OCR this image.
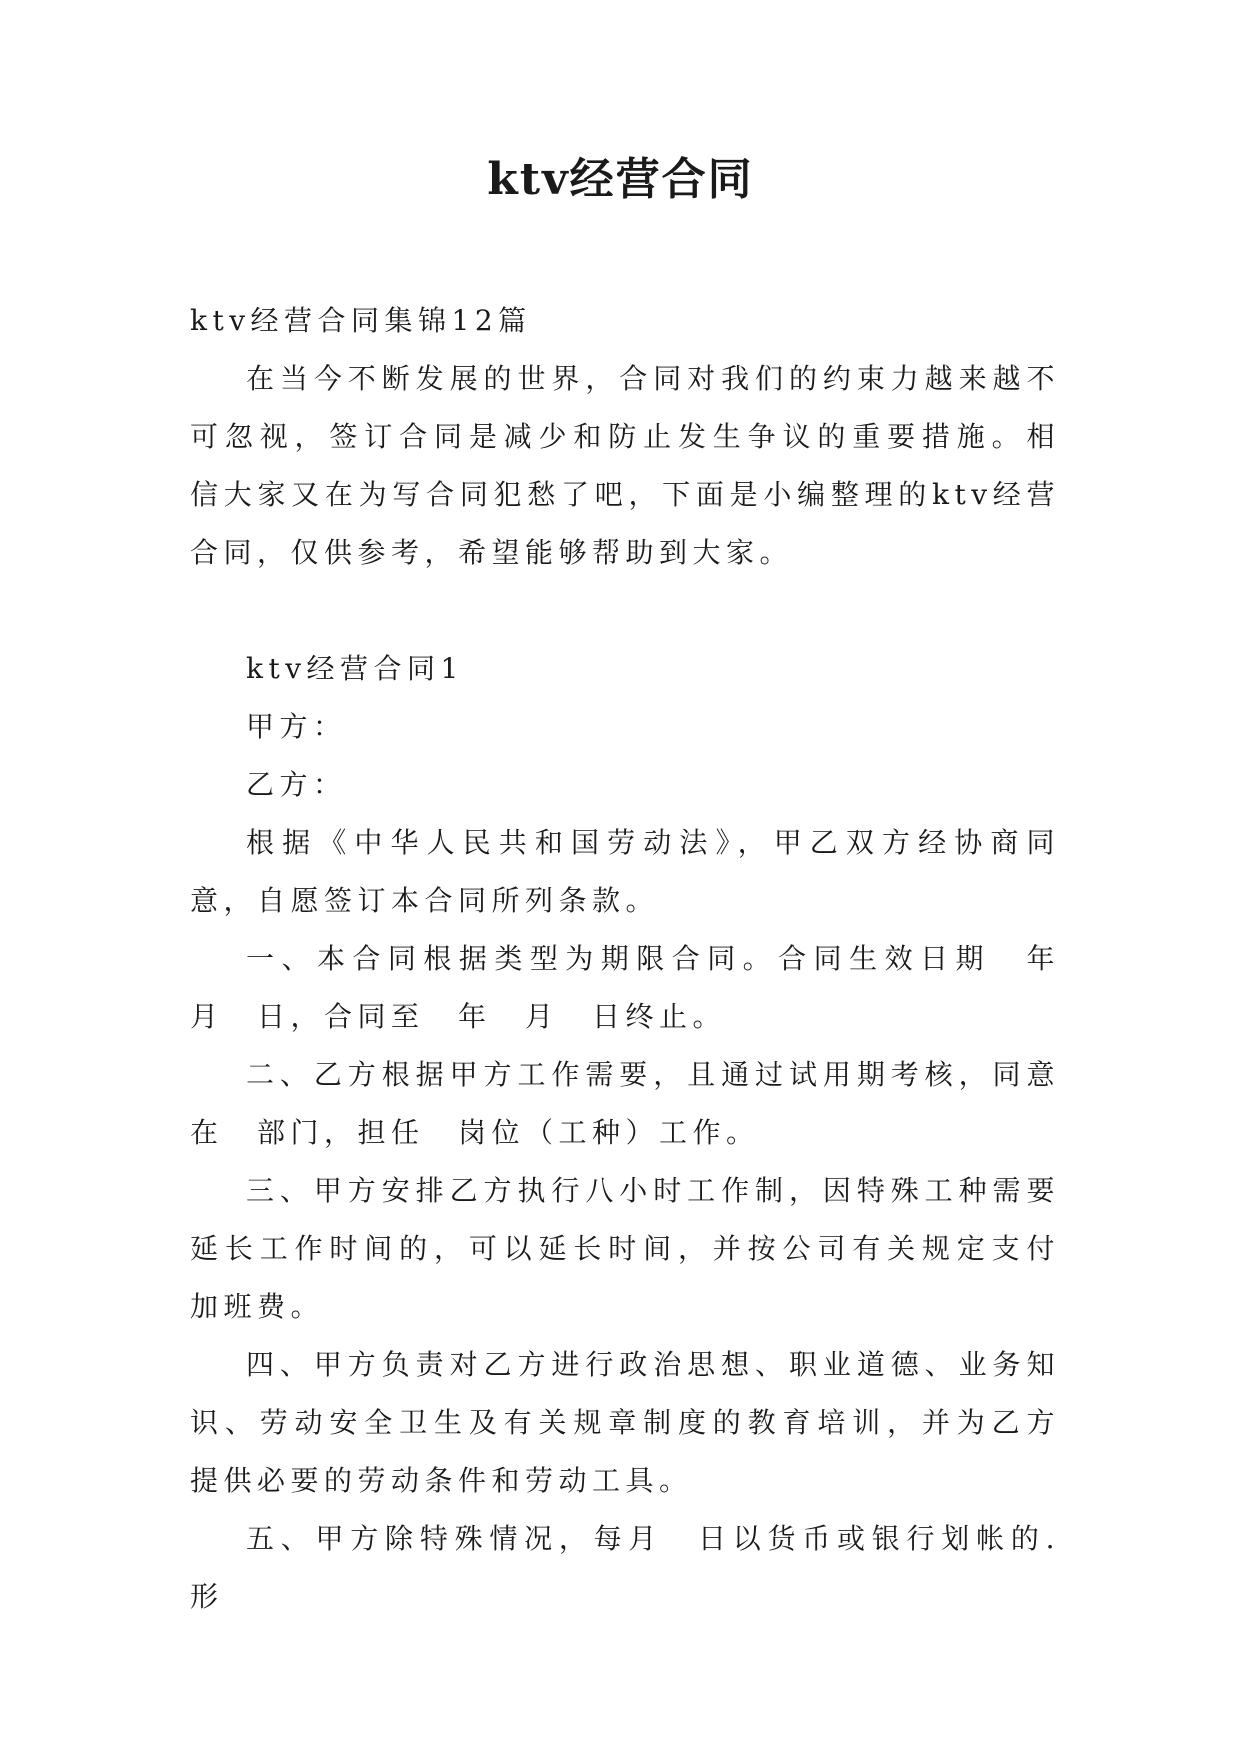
ktv经营合同

ktv经营合同集锦12篇

在当今不断发展的世界，合同对我们的约束力越来越不可忽视，签订合同是减少和防止发生争议的重要措施。相信大家又在为写合同犯愁了吧，下面是小编整理的ktv经营合同，仅供参考，希望能够帮助到大家。

ktv经营合同1

甲方：

乙方：

根据《中华人民共和国劳动法》，甲乙双方经协商同意，自愿签订本合同所列条款。

一、本合同根据类型为期限合同。合同生效日期　年　月　日，合同至　年　月　日终止。

二、乙方根据甲方工作需要，且通过试用期考核，同意在　部门，担任　岗位（工种）工作。

三、甲方安排乙方执行八小时工作制，因特殊工种需要延长工作时间的，可以延长时间，并按公司有关规定支付加班费。

四、甲方负责对乙方进行政治思想、职业道德、业务知识、劳动安全卫生及有关规章制度的教育培训，并为乙方提供必要的劳动条件和劳动工具。

五、甲方除特殊情况，每月　日以货币或银行划帐的.形
